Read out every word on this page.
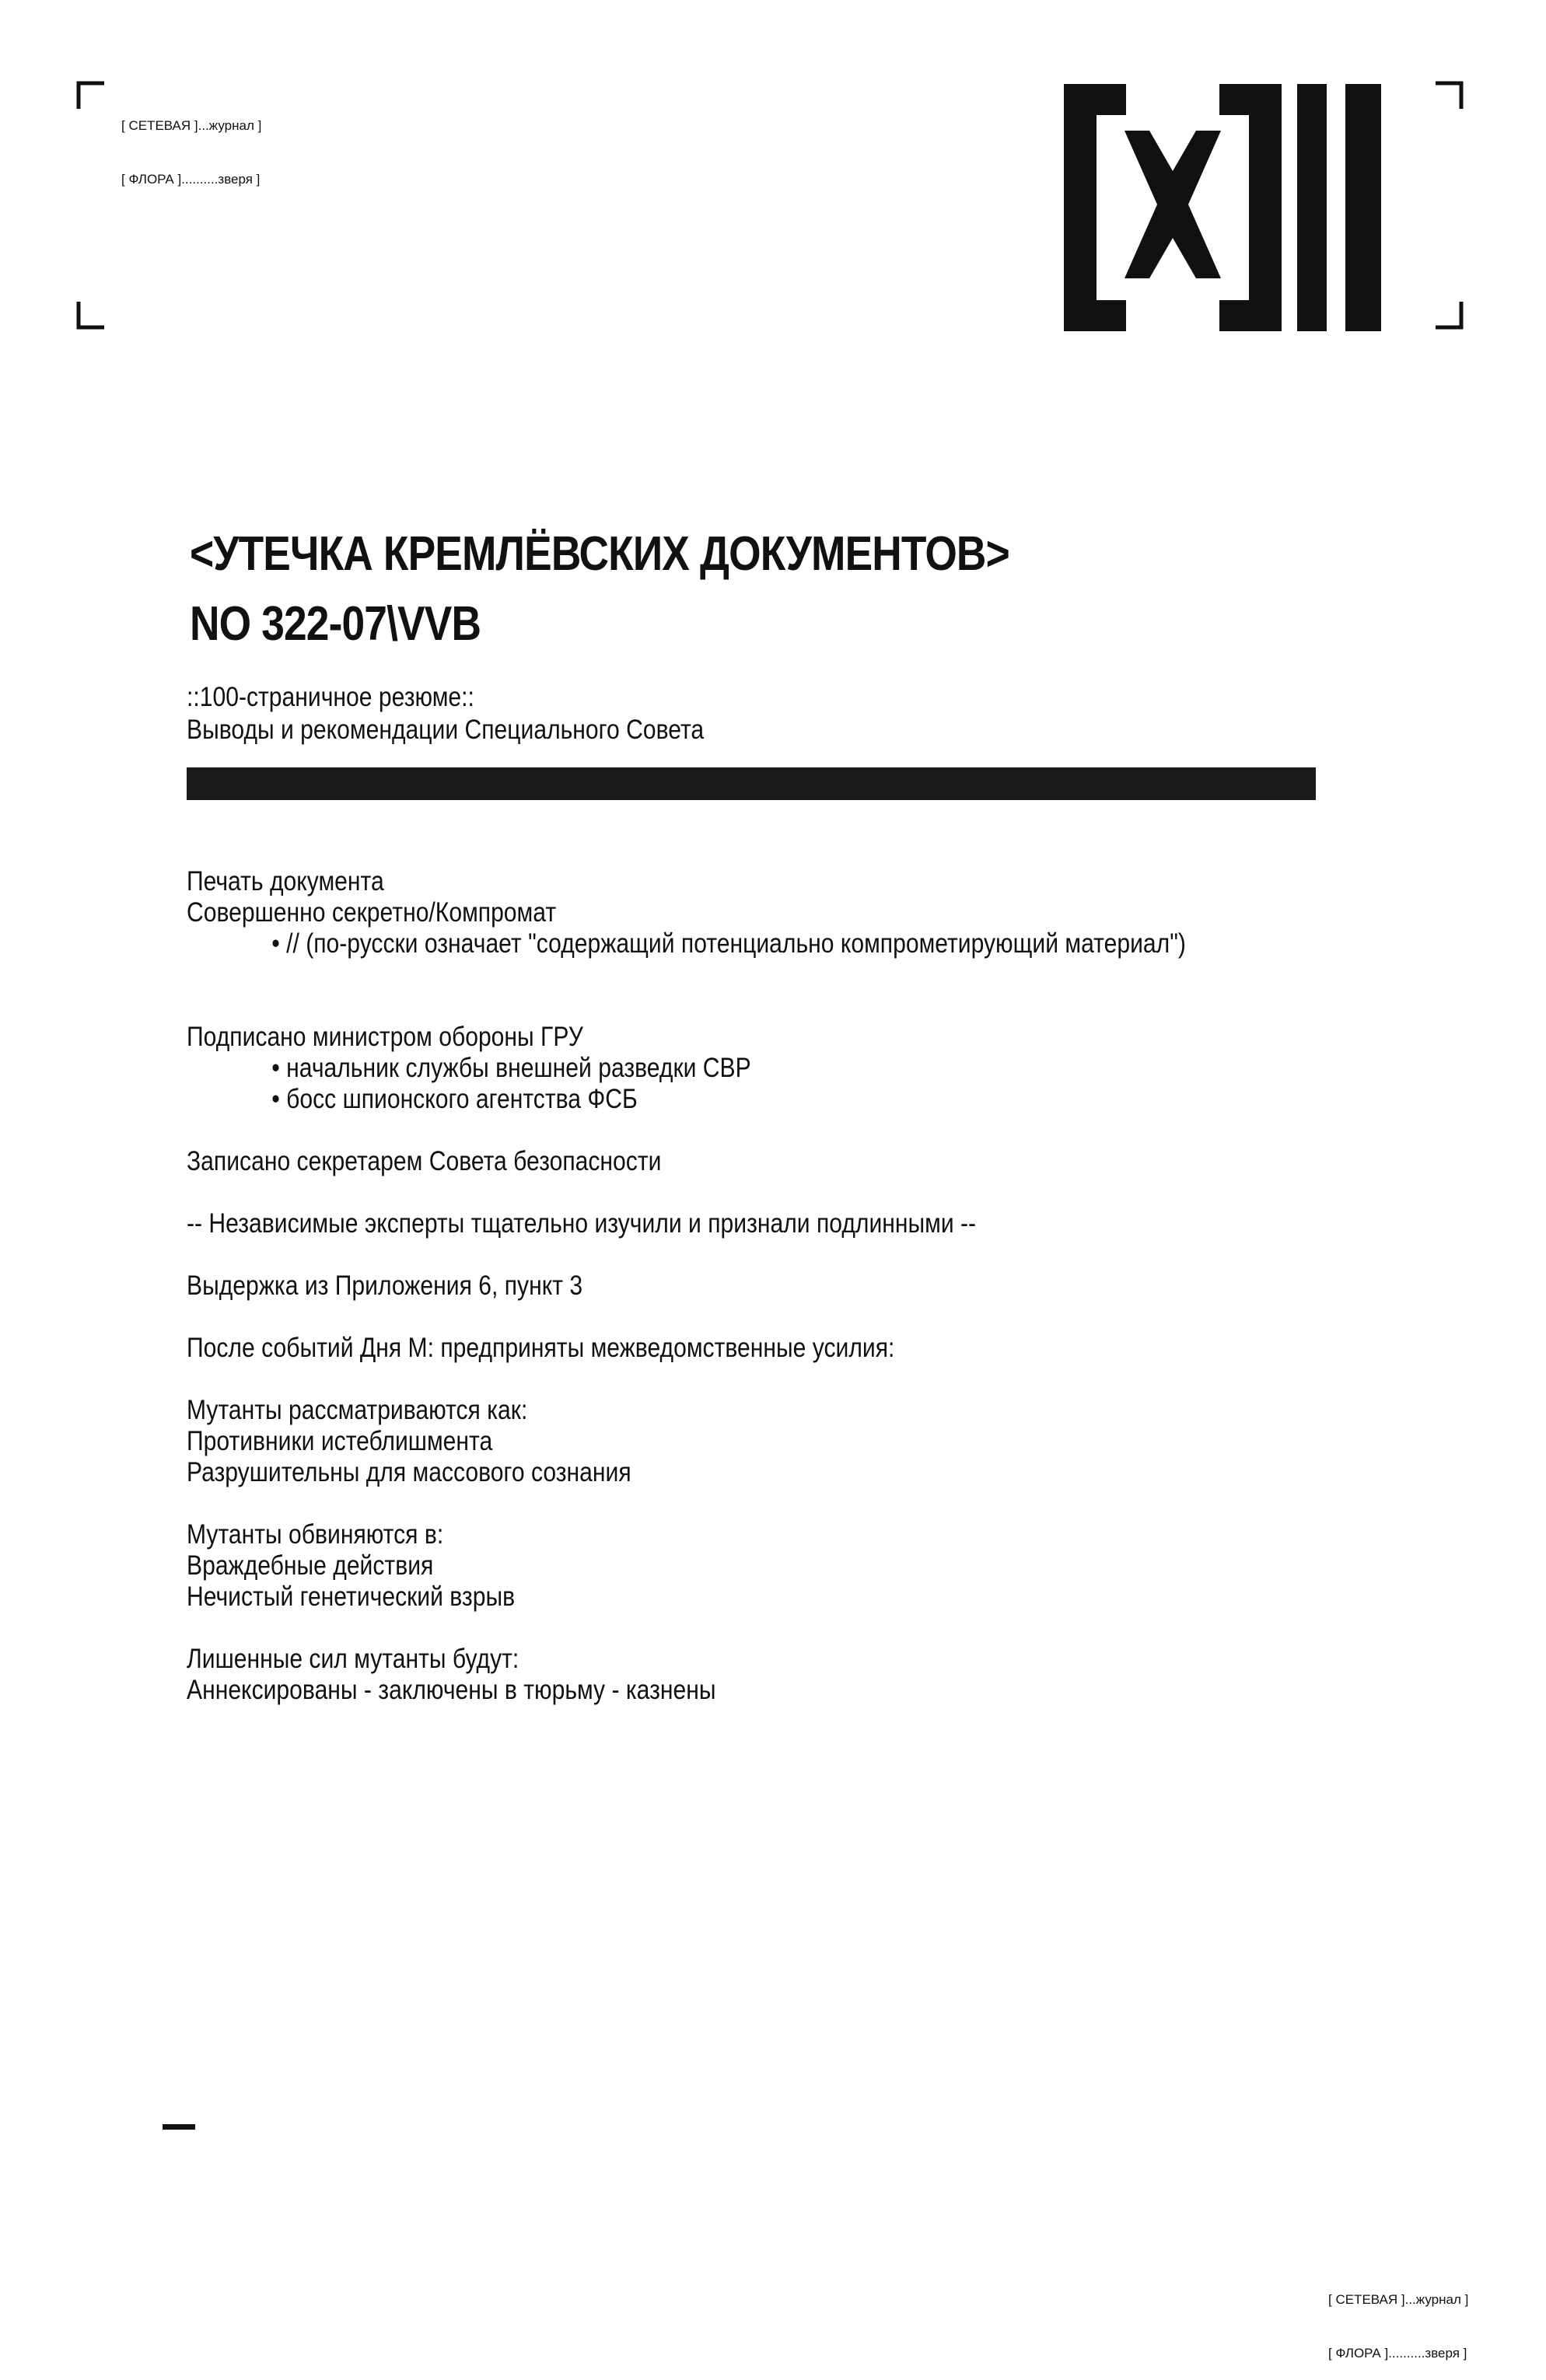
[ СЕТЕВАЯ ]...журнал ]

[ ФЛОРА ]..........зверя ]

<УТЕЧКА КРЕМЛЁВСКИХ ДОКУМЕНТОВ>
NO 322-07\VVB
::100-страничное резюме::
Выводы и рекомендации Специального Совета

Печать документа

Совершенно секретно/Компромат

• // (по-русски означает "содержащий потенциально компрометирующий материал")

Подписано министром обороны ГРУ

• начальник службы внешней разведки СВР

• босс шпионского агентства ФСБ

Записано секретарем Совета безопасности

-- Независимые эксперты тщательно изучили и признали подлинными --

Выдержка из Приложения 6, пункт 3

После событий Дня М: предприняты межведомственные усилия:

Мутанты рассматриваются как:

Противники истеблишмента

Разрушительны для массового сознания

Мутанты обвиняются в:

Враждебные действия

Нечистый генетический взрыв

Лишенные сил мутанты будут:

Аннексированы - заключены в тюрьму - казнены

[ СЕТЕВАЯ ]...журнал ]

[ ФЛОРА ]..........зверя ]
